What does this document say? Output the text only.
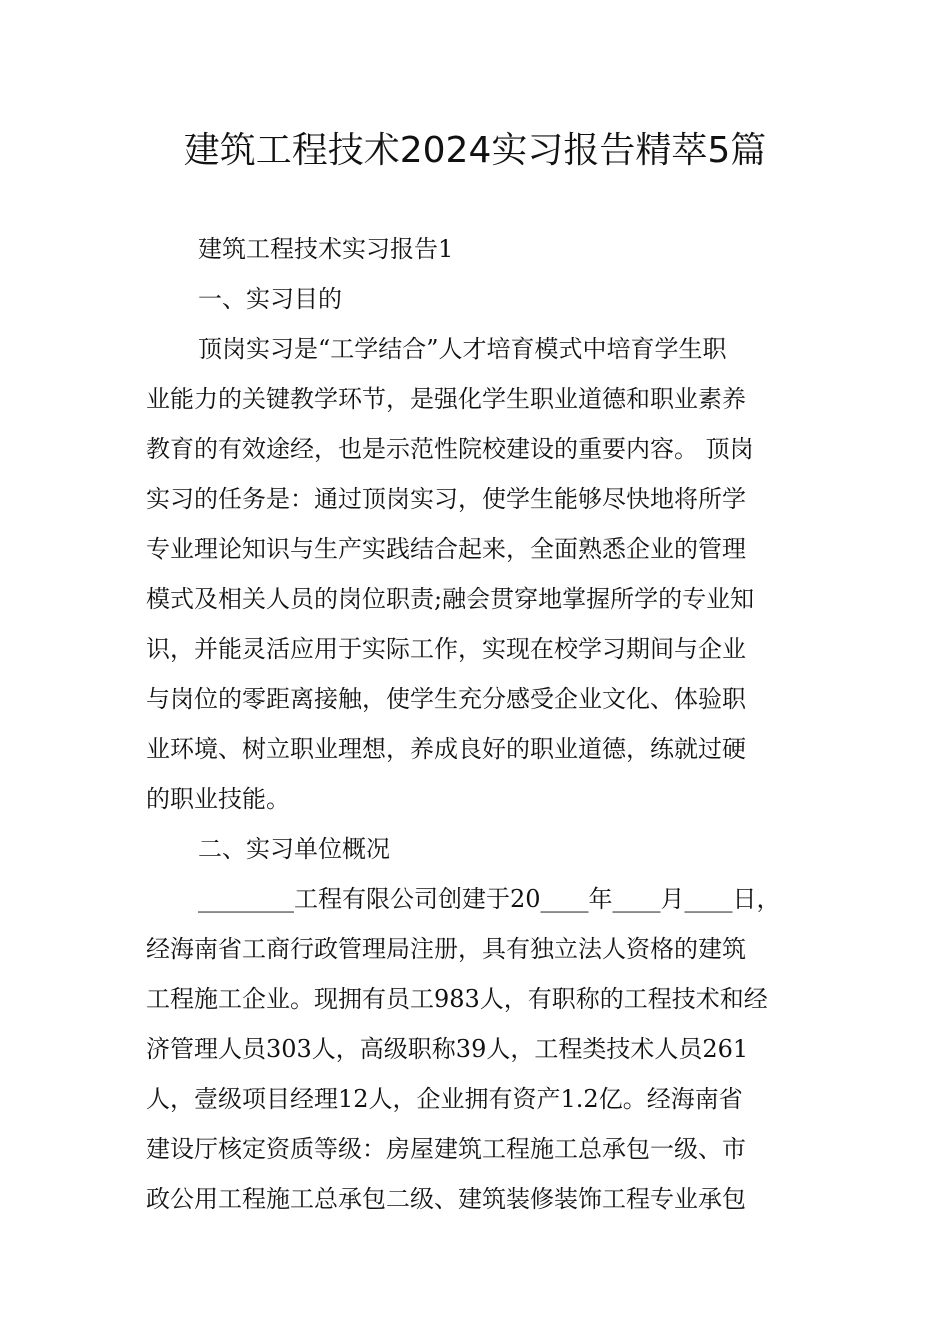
建筑工程技术2024实习报告精萃5篇
建筑工程技术实习报告1
一、实习目的
顶岗实习是“工学结合”人才培育模式中培育学生职
业能力的关键教学环节，是强化学生职业道德和职业素养
教育的有效途经，也是示范性院校建设的重要内容。 顶岗
实习的任务是：通过顶岗实习，使学生能够尽快地将所学
专业理论知识与生产实践结合起来，全面熟悉企业的管理
模式及相关人员的岗位职责;融会贯穿地掌握所学的专业知
识，并能灵活应用于实际工作，实现在校学习期间与企业
与岗位的零距离接触，使学生充分感受企业文化、体验职
业环境、树立职业理想，养成良好的职业道德，练就过硬
的职业技能。
二、实习单位概况
________工程有限公司创建于20____年____月____日，
经海南省工商行政管理局注册，具有独立法人资格的建筑
工程施工企业。现拥有员工983人，有职称的工程技术和经
济管理人员303人，高级职称39人，工程类技术人员261
人，壹级项目经理12人，企业拥有资产1.2亿。经海南省
建设厅核定资质等级：房屋建筑工程施工总承包一级、市
政公用工程施工总承包二级、建筑装修装饰工程专业承包
